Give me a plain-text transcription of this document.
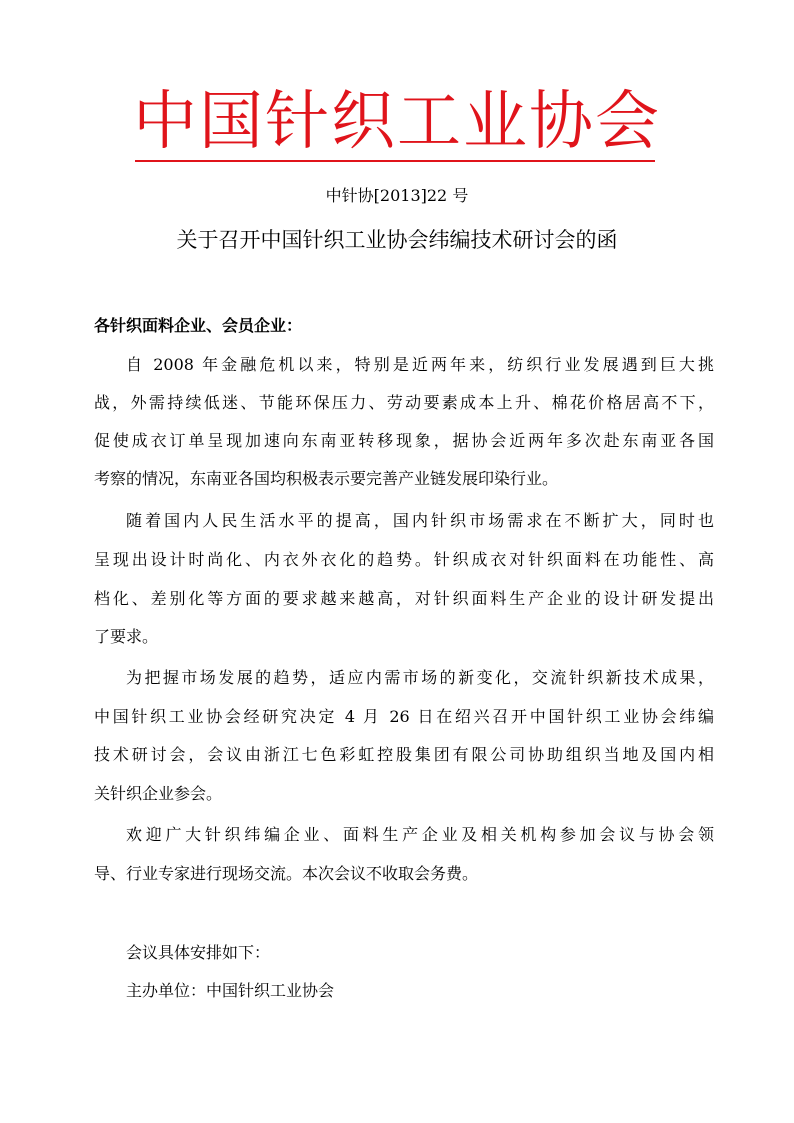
中国针织工业协会
中针协[2013]22 号
关于召开中国针织工业协会纬编技术研讨会的函
各针织面料企业、会员企业：
自 2008 年金融危机以来，特别是近两年来，纺织行业发展遇到巨大挑
战，外需持续低迷、节能环保压力、劳动要素成本上升、棉花价格居高不下，
促使成衣订单呈现加速向东南亚转移现象，据协会近两年多次赴东南亚各国
考察的情况，东南亚各国均积极表示要完善产业链发展印染行业。
随着国内人民生活水平的提高，国内针织市场需求在不断扩大，同时也
呈现出设计时尚化、内衣外衣化的趋势。针织成衣对针织面料在功能性、高
档化、差别化等方面的要求越来越高，对针织面料生产企业的设计研发提出
了要求。
为把握市场发展的趋势，适应内需市场的新变化，交流针织新技术成果，
中国针织工业协会经研究决定 4 月 26 日在绍兴召开中国针织工业协会纬编
技术研讨会，会议由浙江七色彩虹控股集团有限公司协助组织当地及国内相
关针织企业参会。
欢迎广大针织纬编企业、面料生产企业及相关机构参加会议与协会领
导、行业专家进行现场交流。本次会议不收取会务费。
会议具体安排如下：
主办单位：中国针织工业协会
